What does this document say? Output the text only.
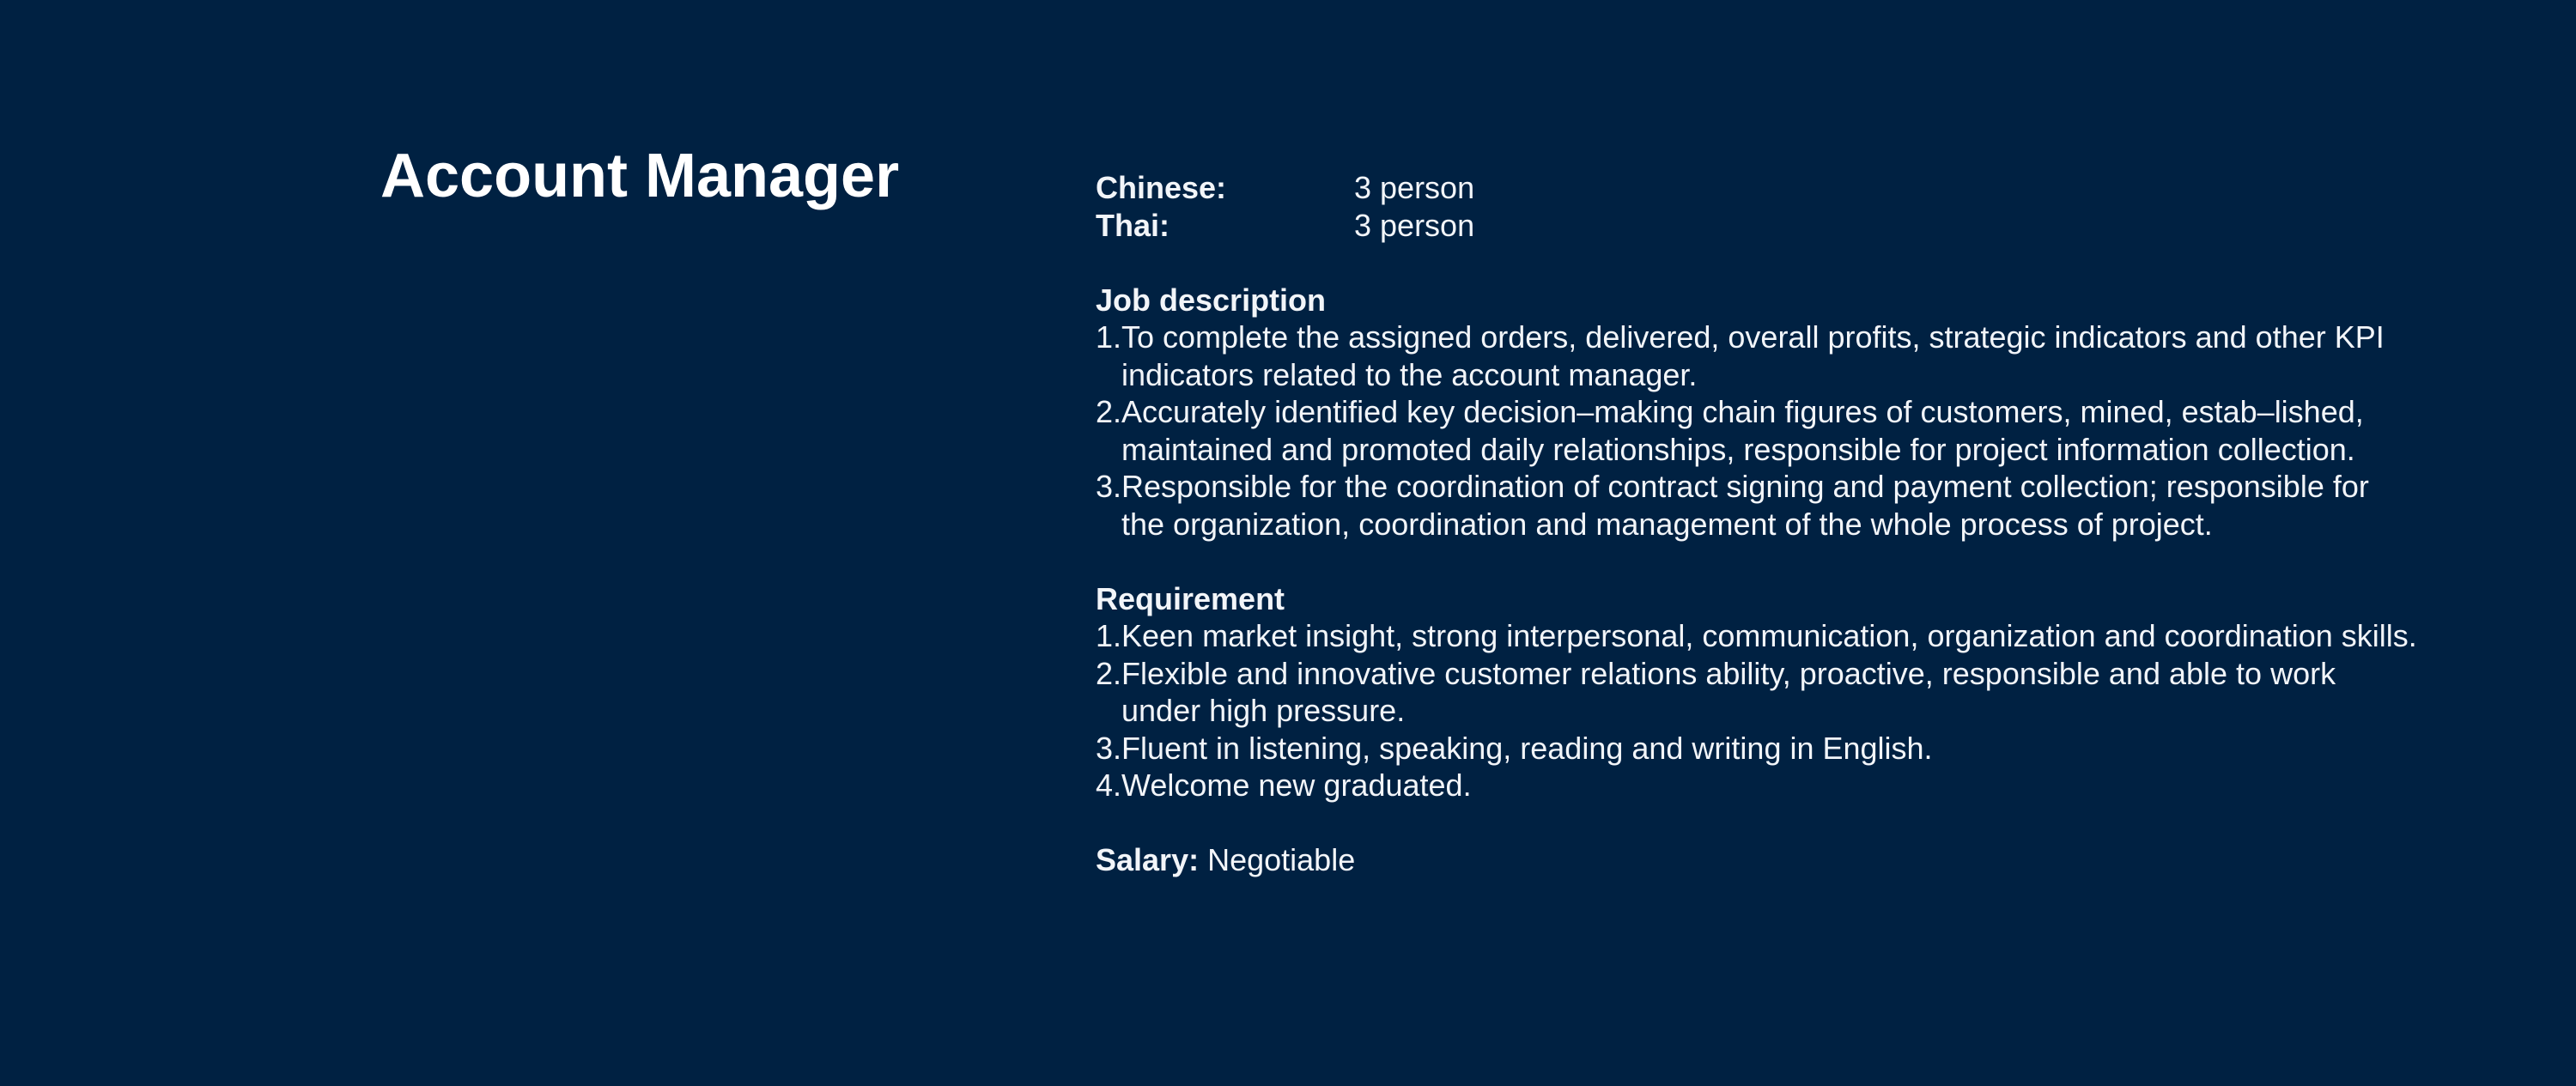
Account Manager	Chinese:	3 person
Thai:	3 person
Job description
1. To complete the assigned orders, delivered, overall profits, strategic indicators and other KPI indicators related to the account manager.
2. Accurately identified key decision–making chain figures of customers, mined, estab–lished, maintained and promoted daily relationships, responsible for project information collection.
3. Responsible for the coordination of contract signing and payment collection; responsible for the organization, coordination and management of the whole process of project.
Requirement
1. Keen market insight, strong interpersonal, communication, organization and coordination skills.
2. Flexible and innovative customer relations ability, proactive, responsible and able to work under high pressure.
3. Fluent in listening, speaking, reading and writing in English.
4. Welcome new graduated.
Salary: Negotiable
